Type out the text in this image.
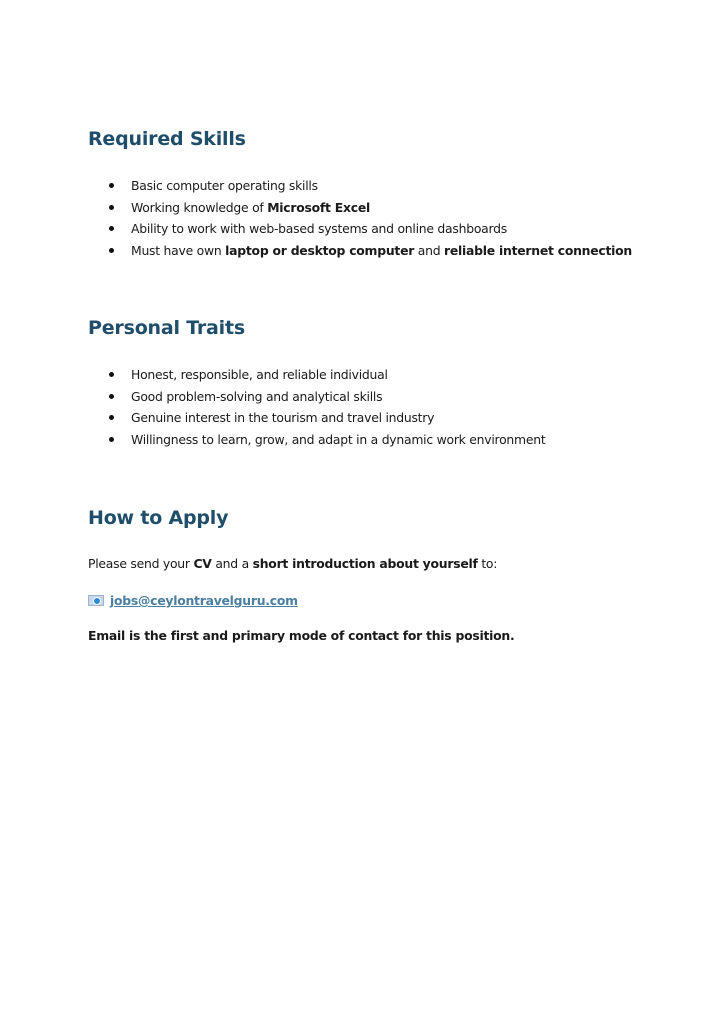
Required Skills
Basic computer operating skills
Working knowledge of Microsoft Excel
Ability to work with web-based systems and online dashboards
Must have own laptop or desktop computer and reliable internet connection
Personal Traits
Honest, responsible, and reliable individual
Good problem-solving and analytical skills
Genuine interest in the tourism and travel industry
Willingness to learn, grow, and adapt in a dynamic work environment
How to Apply

Please send your CV and a short introduction about yourself to:

jobs@ceylontravelguru.com

Email is the first and primary mode of contact for this position.
